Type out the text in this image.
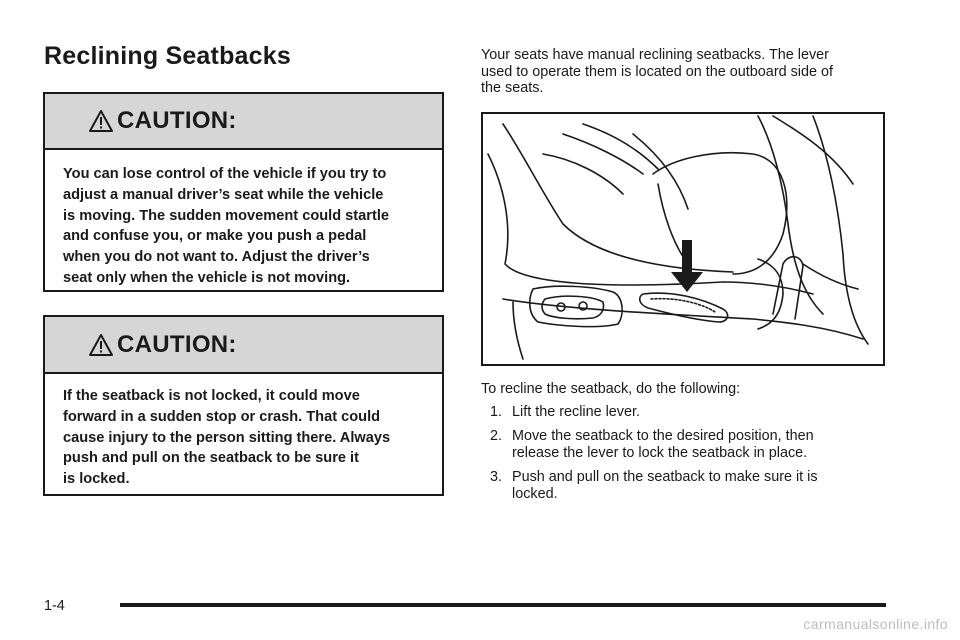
Reclining Seatbacks
CAUTION:
You can lose control of the vehicle if you try to
adjust a manual driver’s seat while the vehicle
is moving. The sudden movement could startle
and confuse you, or make you push a pedal
when you do not want to. Adjust the driver’s
seat only when the vehicle is not moving.
CAUTION:
If the seatback is not locked, it could move
forward in a sudden stop or crash. That could
cause injury to the person sitting there. Always
push and pull on the seatback to be sure it
is locked.
Your seats have manual reclining seatbacks. The lever
used to operate them is located on the outboard side of
the seats.
To recline the seatback, do the following:
1. Lift the recline lever.
2. Move the seatback to the desired position, then
release the lever to lock the seatback in place.
3. Push and pull on the seatback to make sure it is
locked.
1-4
carmanualsonline.info
